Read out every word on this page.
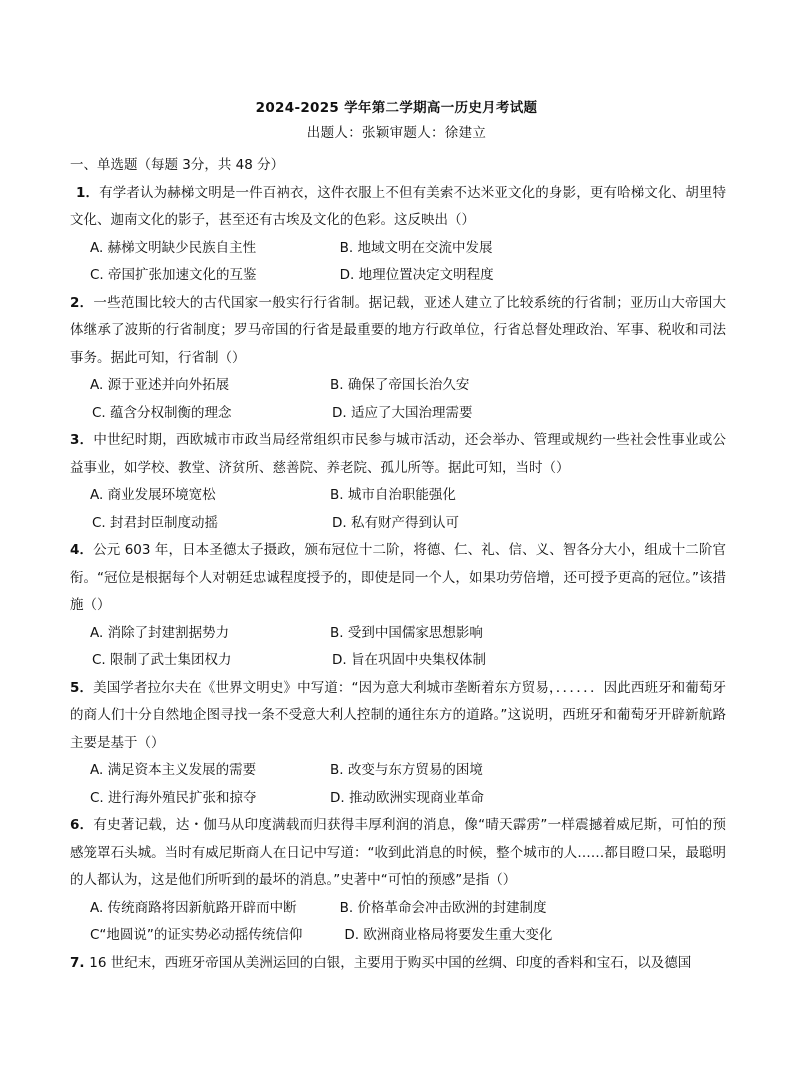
2024-2025 学年第二学期高一历史月考试题
出题人：张颖审题人：徐建立

一、单选题（每题 3分，共 48 分）

1．有学者认为赫梯文明是一件百衲衣，这件衣服上不但有美索不达米亚文化的身影，更有哈梯文化、胡里特文化、迦南文化的影子，甚至还有古埃及文化的色彩。这反映出（）

A. 赫梯文明缺少民族自主性	B. 地域文明在交流中发展
C. 帝国扩张加速文化的互鉴	D. 地理位置决定文明程度

2．一些范围比较大的古代国家一般实行行省制。据记载，亚述人建立了比较系统的行省制；亚历山大帝国大体继承了波斯的行省制度；罗马帝国的行省是最重要的地方行政单位，行省总督处理政治、军事、税收和司法事务。据此可知，行省制（）

A. 源于亚述并向外拓展	B. 确保了帝国长治久安
C. 蕴含分权制衡的理念	D. 适应了大国治理需要

3．中世纪时期，西欧城市市政当局经常组织市民参与城市活动，还会举办、管理或规约一些社会性事业或公益事业，如学校、教堂、济贫所、慈善院、养老院、孤儿所等。据此可知，当时（）

A. 商业发展环境宽松	B. 城市自治职能强化
C. 封君封臣制度动摇	D. 私有财产得到认可

4．公元 603 年，日本圣德太子摄政，颁布冠位十二阶，将德、仁、礼、信、义、智各分大小，组成十二阶官衔。“冠位是根据每个人对朝廷忠诚程度授予的，即使是同一个人，如果功劳倍增，还可授予更高的冠位。”该措施（）

A. 消除了封建割据势力	B. 受到中国儒家思想影响
C. 限制了武士集团权力	D. 旨在巩固中央集权体制

5．美国学者拉尔夫在《世界文明史》中写道：“因为意大利城市垄断着东方贸易，．．．．．．因此西班牙和葡萄牙的商人们十分自然地企图寻找一条不受意大利人控制的通往东方的道路。”这说明，西班牙和葡萄牙开辟新航路主要是基于（）

A. 满足资本主义发展的需要	B. 改变与东方贸易的困境
C. 进行海外殖民扩张和掠夺	D. 推动欧洲实现商业革命

6．有史著记载，达・伽马从印度满载而归获得丰厚利润的消息，像“晴天霹雳”一样震撼着威尼斯，可怕的预感笼罩石头城。当时有威尼斯商人在日记中写道：“收到此消息的时候，整个城市的人……都目瞪口呆，最聪明的人都认为，这是他们所听到的最坏的消息。”史著中“可怕的预感”是指（）

A. 传统商路将因新航路开辟而中断	B. 价格革命会冲击欧洲的封建制度
C“地圆说”的证实势必动摇传统信仰	D. 欧洲商业格局将要发生重大变化

7. 16 世纪末，西班牙帝国从美洲运回的白银，主要用于购买中国的丝绸、印度的香料和宝石，以及德国
